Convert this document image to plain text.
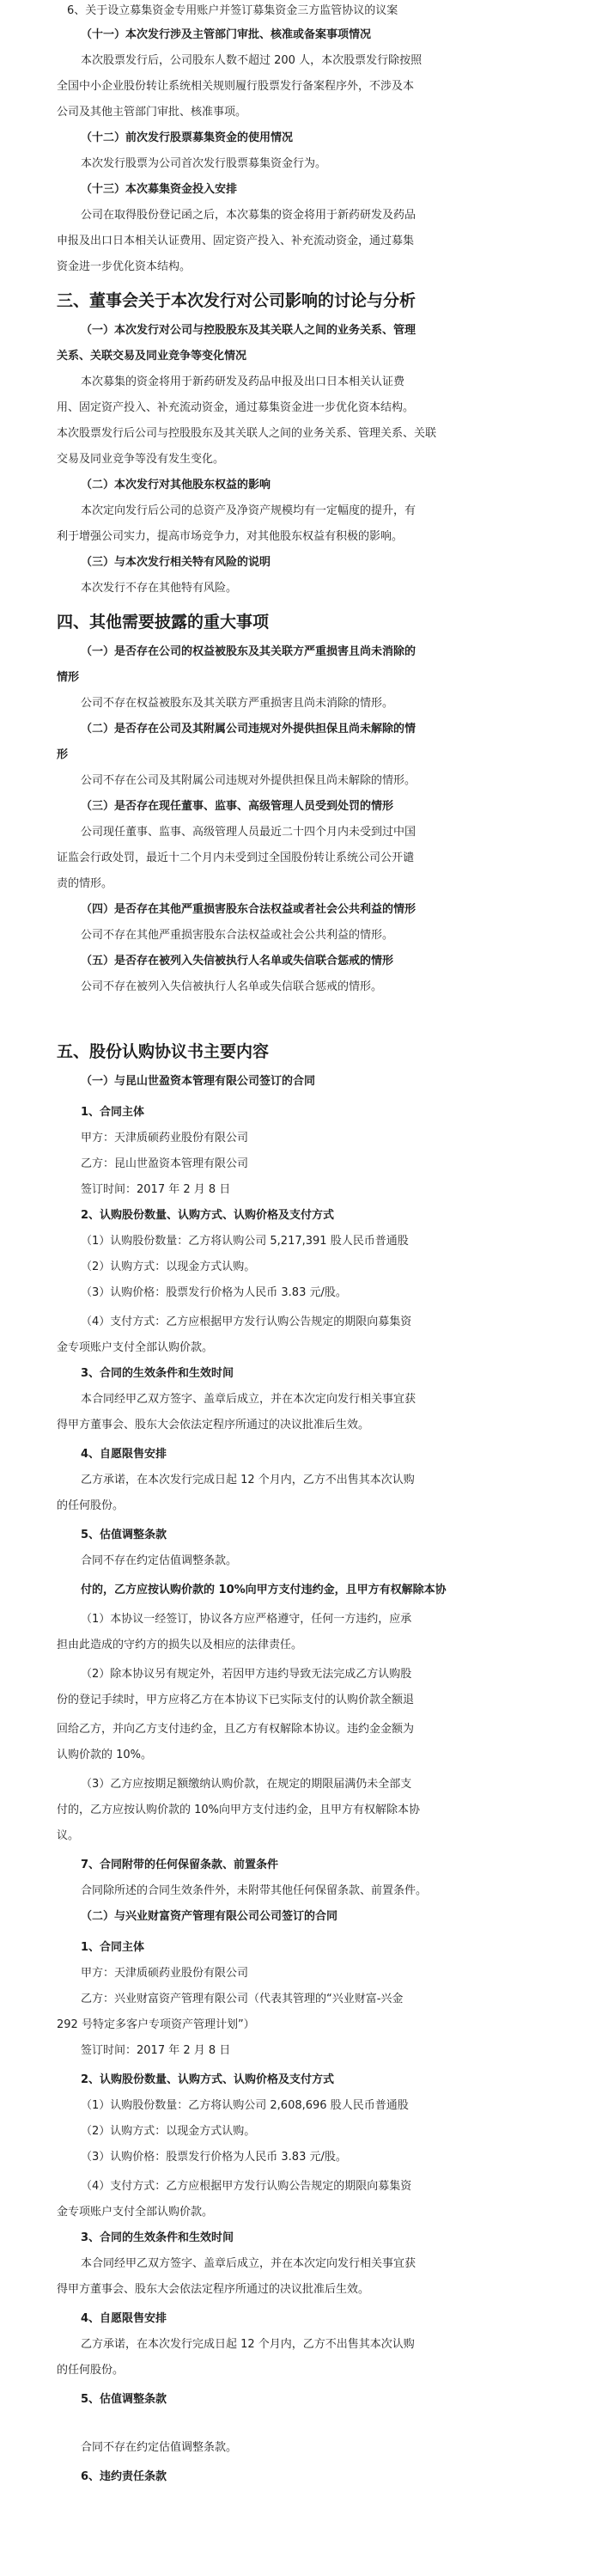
6、关于设立募集资金专用账户并签订募集资金三方监管协议的议案
（十一）本次发行涉及主管部门审批、核准或备案事项情况
本次股票发行后，公司股东人数不超过 200 人，本次股票发行除按照
全国中小企业股份转让系统相关规则履行股票发行备案程序外，不涉及本
公司及其他主管部门审批、核准事项。
（十二）前次发行股票募集资金的使用情况
本次发行股票为公司首次发行股票募集资金行为。
（十三）本次募集资金投入安排
公司在取得股份登记函之后，本次募集的资金将用于新药研发及药品
申报及出口日本相关认证费用、固定资产投入、补充流动资金，通过募集
资金进一步优化资本结构。
三、董事会关于本次发行对公司影响的讨论与分析
（一）本次发行对公司与控股股东及其关联人之间的业务关系、管理
关系、关联交易及同业竞争等变化情况
本次募集的资金将用于新药研发及药品申报及出口日本相关认证费
用、固定资产投入、补充流动资金，通过募集资金进一步优化资本结构。
本次股票发行后公司与控股股东及其关联人之间的业务关系、管理关系、关联
交易及同业竞争等没有发生变化。
（二）本次发行对其他股东权益的影响
本次定向发行后公司的总资产及净资产规模均有一定幅度的提升，有
利于增强公司实力，提高市场竞争力，对其他股东权益有积极的影响。
（三）与本次发行相关特有风险的说明
本次发行不存在其他特有风险。
四、其他需要披露的重大事项
（一）是否存在公司的权益被股东及其关联方严重损害且尚未消除的
情形
公司不存在权益被股东及其关联方严重损害且尚未消除的情形。
（二）是否存在公司及其附属公司违规对外提供担保且尚未解除的情
形
公司不存在公司及其附属公司违规对外提供担保且尚未解除的情形。
（三）是否存在现任董事、监事、高级管理人员受到处罚的情形
公司现任董事、监事、高级管理人员最近二十四个月内未受到过中国
证监会行政处罚，最近十二个月内未受到过全国股份转让系统公司公开谴
责的情形。
（四）是否存在其他严重损害股东合法权益或者社会公共利益的情形
公司不存在其他严重损害股东合法权益或社会公共利益的情形。
（五）是否存在被列入失信被执行人名单或失信联合惩戒的情形
公司不存在被列入失信被执行人名单或失信联合惩戒的情形。
五、股份认购协议书主要内容
（一）与昆山世盈资本管理有限公司签订的合同
1、合同主体
甲方：天津质硕药业股份有限公司
乙方：昆山世盈资本管理有限公司
签订时间：2017 年 2 月 8 日
2、认购股份数量、认购方式、认购价格及支付方式
（1）认购股份数量：乙方将认购公司 5,217,391 股人民币普通股
（2）认购方式：以现金方式认购。
（3）认购价格：股票发行价格为人民币 3.83 元/股。
（4）支付方式：乙方应根据甲方发行认购公告规定的期限向募集资
金专项账户支付全部认购价款。
3、合同的生效条件和生效时间
本合同经甲乙双方签字、盖章后成立，并在本次定向发行相关事宜获
得甲方董事会、股东大会依法定程序所通过的决议批准后生效。
4、自愿限售安排
乙方承诺，在本次发行完成日起 12 个月内，乙方不出售其本次认购
的任何股份。
5、估值调整条款
合同不存在约定估值调整条款。
付的，乙方应按认购价款的 10%向甲方支付违约金，且甲方有权解除本协
（1）本协议一经签订，协议各方应严格遵守，任何一方违约，应承
担由此造成的守约方的损失以及相应的法律责任。
（2）除本协议另有规定外，若因甲方违约导致无法完成乙方认购股
份的登记手续时，甲方应将乙方在本协议下已实际支付的认购价款全额退
回给乙方，并向乙方支付违约金，且乙方有权解除本协议。违约金金额为
认购价款的 10%。
（3）乙方应按期足额缴纳认购价款，在规定的期限届满仍未全部支
付的，乙方应按认购价款的 10%向甲方支付违约金，且甲方有权解除本协
议。
7、合同附带的任何保留条款、前置条件
合同除所述的合同生效条件外，未附带其他任何保留条款、前置条件。
（二）与兴业财富资产管理有限公司公司签订的合同
1、合同主体
甲方：天津质硕药业股份有限公司
乙方：兴业财富资产管理有限公司（代表其管理的“兴业财富-兴金
292 号特定多客户专项资产管理计划”）
签订时间：2017 年 2 月 8 日
2、认购股份数量、认购方式、认购价格及支付方式
（1）认购股份数量：乙方将认购公司 2,608,696 股人民币普通股
（2）认购方式：以现金方式认购。
（3）认购价格：股票发行价格为人民币 3.83 元/股。
（4）支付方式：乙方应根据甲方发行认购公告规定的期限向募集资
金专项账户支付全部认购价款。
3、合同的生效条件和生效时间
本合同经甲乙双方签字、盖章后成立，并在本次定向发行相关事宜获
得甲方董事会、股东大会依法定程序所通过的决议批准后生效。
4、自愿限售安排
乙方承诺，在本次发行完成日起 12 个月内，乙方不出售其本次认购
的任何股份。
5、估值调整条款
合同不存在约定估值调整条款。
6、违约责任条款
